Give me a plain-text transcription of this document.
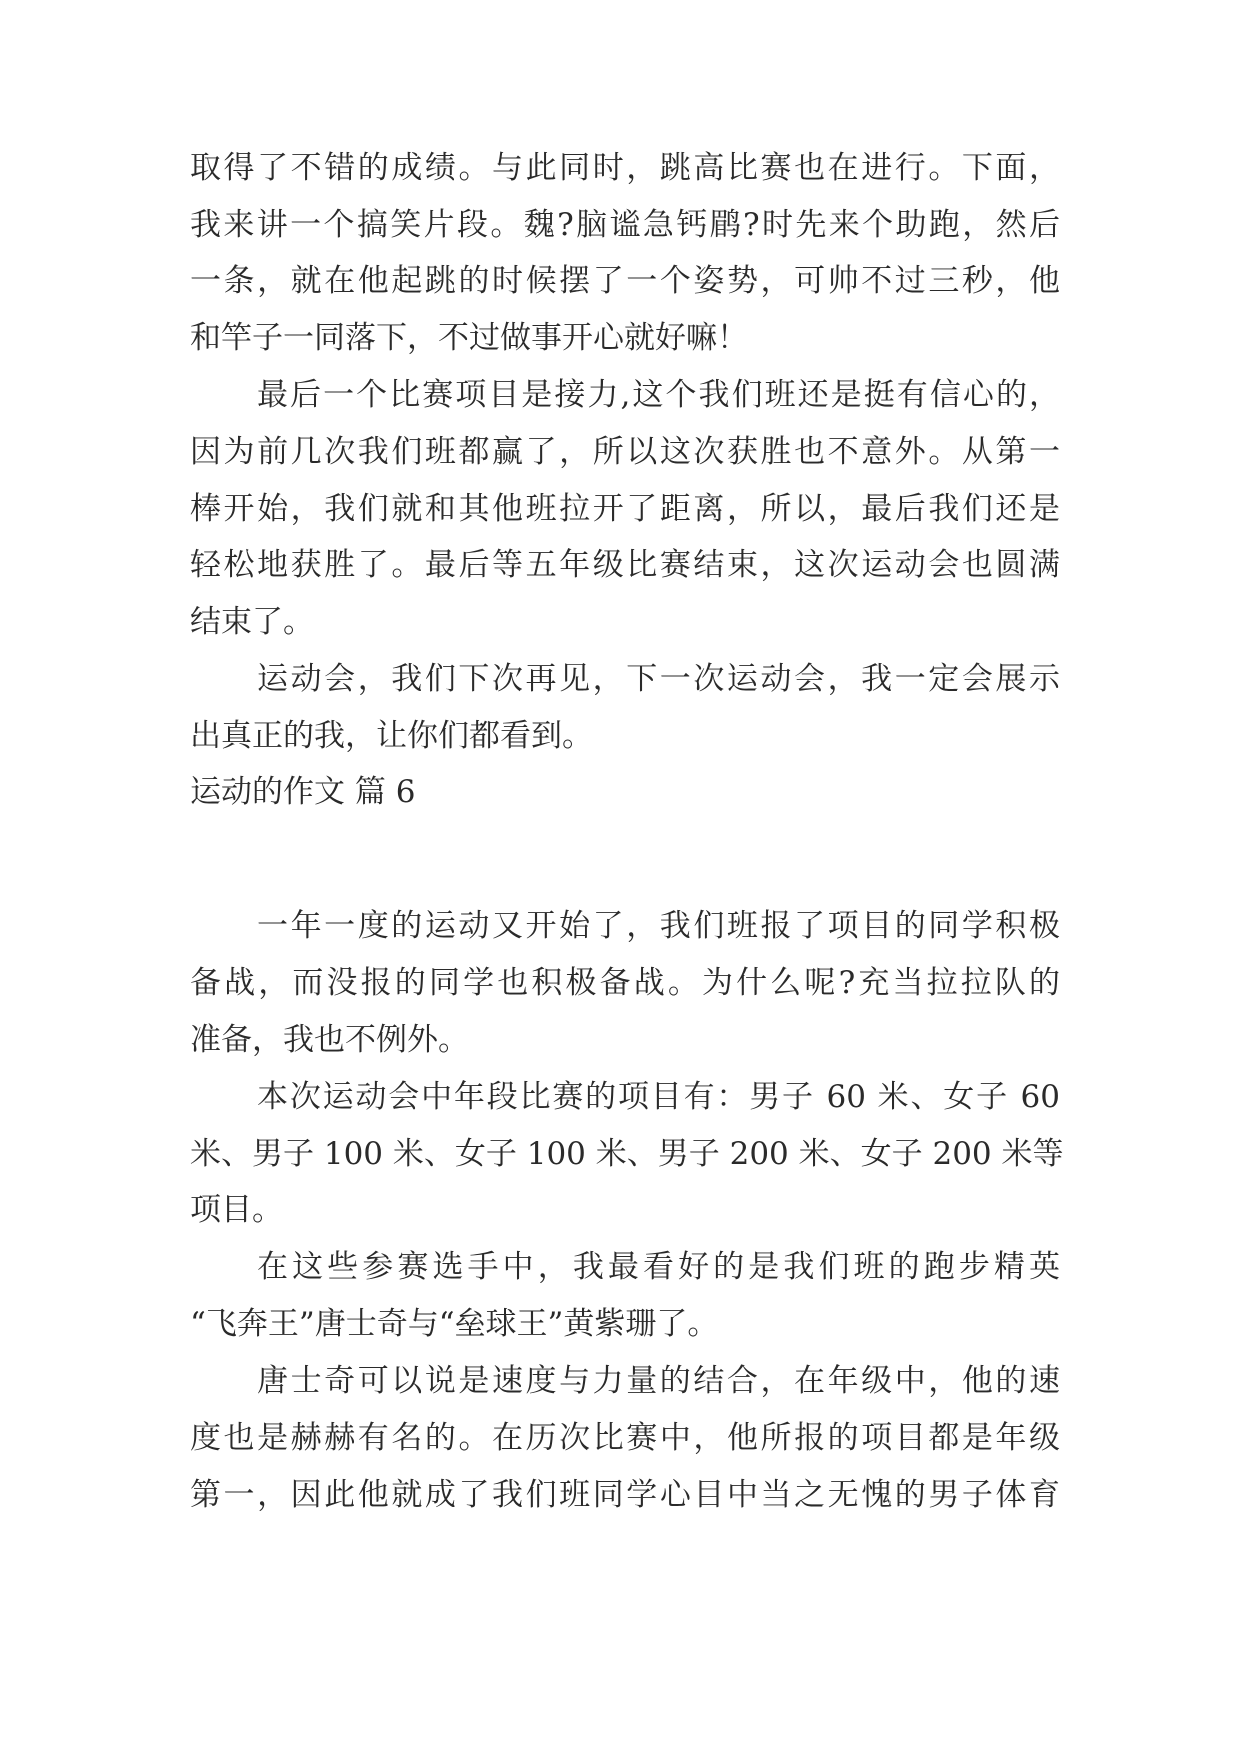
取得了不错的成绩。与此同时，跳高比赛也在进行。下面，
我来讲一个搞笑片段。魏?脑谧急钙鹛?时先来个助跑，然后
一条，就在他起跳的时候摆了一个姿势，可帅不过三秒，他
和竿子一同落下，不过做事开心就好嘛！
最后一个比赛项目是接力,这个我们班还是挺有信心的，
因为前几次我们班都赢了，所以这次获胜也不意外。从第一
棒开始，我们就和其他班拉开了距离，所以，最后我们还是
轻松地获胜了。最后等五年级比赛结束，这次运动会也圆满
结束了。
运动会，我们下次再见，下一次运动会，我一定会展示
出真正的我，让你们都看到。
运动的作文 篇 6
一年一度的运动又开始了，我们班报了项目的同学积极
备战，而没报的同学也积极备战。为什么呢?充当拉拉队的
准备，我也不例外。
本次运动会中年段比赛的项目有：男子 60 米、女子 60
米、男子 100 米、女子 100 米、男子 200 米、女子 200 米等
项目。
在这些参赛选手中，我最看好的是我们班的跑步精英
“飞奔王”唐士奇与“垒球王”黄紫珊了。
唐士奇可以说是速度与力量的结合，在年级中，他的速
度也是赫赫有名的。在历次比赛中，他所报的项目都是年级
第一，因此他就成了我们班同学心目中当之无愧的男子体育
